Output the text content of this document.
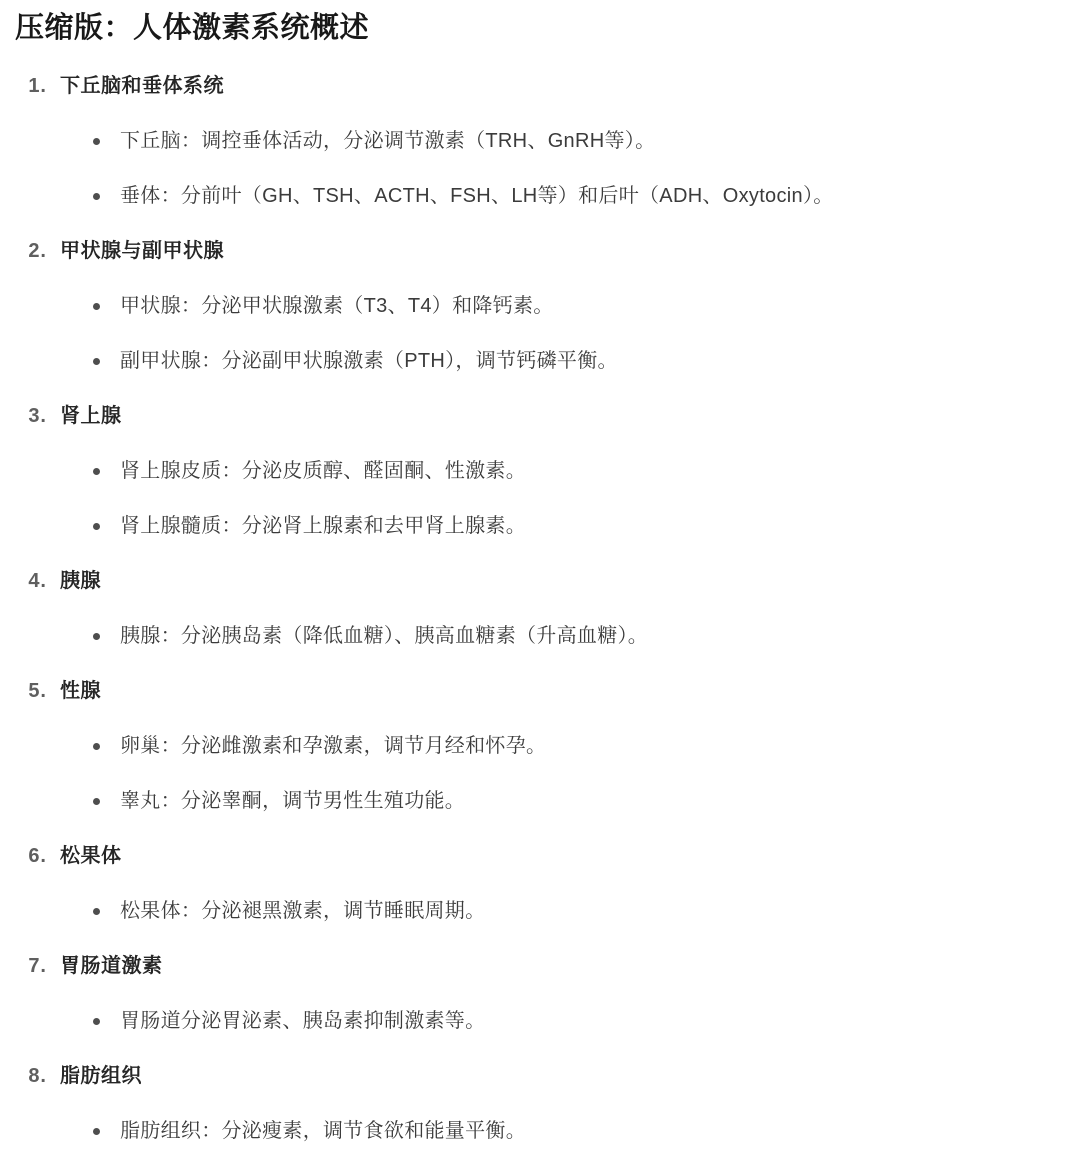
压缩版：人体激素系统概述
1. 下丘脑和垂体系统
下丘脑：调控垂体活动，分泌调节激素（TRH、GnRH等）。
垂体：分前叶（GH、TSH、ACTH、FSH、LH等）和后叶（ADH、Oxytocin）。
2. 甲状腺与副甲状腺
甲状腺：分泌甲状腺激素（T3、T4）和降钙素。
副甲状腺：分泌副甲状腺激素（PTH），调节钙磷平衡。
3. 肾上腺
肾上腺皮质：分泌皮质醇、醛固酮、性激素。
肾上腺髓质：分泌肾上腺素和去甲肾上腺素。
4. 胰腺
胰腺：分泌胰岛素（降低血糖）、胰高血糖素（升高血糖）。
5. 性腺
卵巢：分泌雌激素和孕激素，调节月经和怀孕。
睾丸：分泌睾酮，调节男性生殖功能。
6. 松果体
松果体：分泌褪黑激素，调节睡眠周期。
7. 胃肠道激素
胃肠道分泌胃泌素、胰岛素抑制激素等。
8. 脂肪组织
脂肪组织：分泌瘦素，调节食欲和能量平衡。
